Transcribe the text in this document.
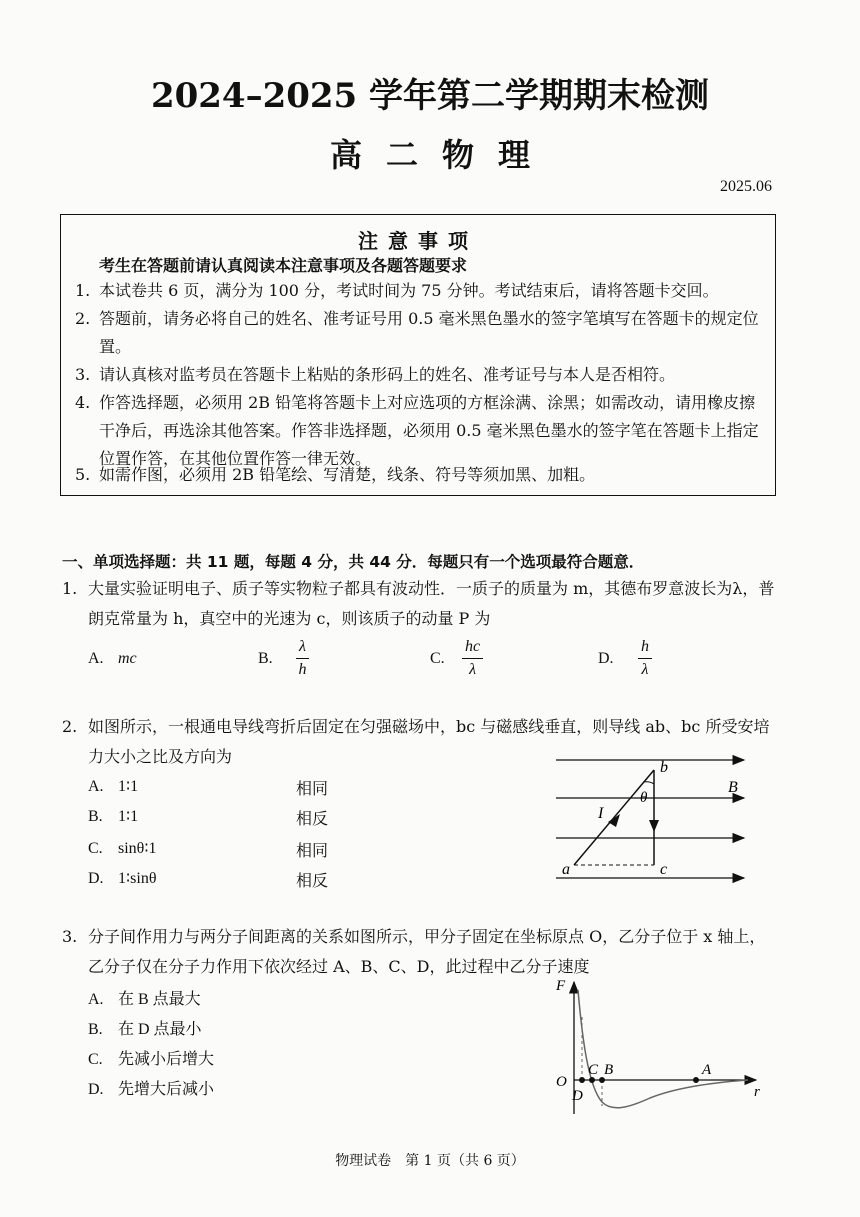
2024–2025 学年第二学期期末检测
高二物理
2025.06
注意事项
考生在答题前请认真阅读本注意事项及各题答题要求
1. 本试卷共 6 页，满分为 100 分，考试时间为 75 分钟。考试结束后，请将答题卡交回。
2. 答题前，请务必将自己的姓名、准考证号用 0.5 毫米黑色墨水的签字笔填写在答题卡的规定位置。
3. 请认真核对监考员在答题卡上粘贴的条形码上的姓名、准考证号与本人是否相符。
4. 作答选择题，必须用 2B 铅笔将答题卡上对应选项的方框涂满、涂黑；如需改动，请用橡皮擦干净后，再选涂其他答案。作答非选择题，必须用 0.5 毫米黑色墨水的签字笔在答题卡上指定位置作答，在其他位置作答一律无效。
5. 如需作图，必须用 2B 铅笔绘、写清楚，线条、符号等须加黑、加粗。
一、单项选择题：共 11 题，每题 4 分，共 44 分．每题只有一个选项最符合题意．
1. 大量实验证明电子、质子等实物粒子都具有波动性．一质子的质量为 m，其德布罗意波长为λ，普朗克常量为 h，真空中的光速为 c，则该质子的动量 P 为
A. mc	B. $\frac{\lambda}{h}$	C. $\frac{hc}{\lambda}$	D. $\frac{h}{\lambda}$
2. 如图所示，一根通电导线弯折后固定在匀强磁场中，bc 与磁感线垂直，则导线 ab、bc 所受安培力大小之比及方向为
A. 1∶1	相同
B. 1∶1	相反
C. sinθ∶1	相同
D. 1∶sinθ	相反
b
B
θ
I
a	c
3. 分子间作用力与两分子间距离的关系如图所示，甲分子固定在坐标原点 O，乙分子位于 x 轴上，乙分子仅在分子力作用下依次经过 A、B、C、D，此过程中乙分子速度
A. 在 B 点最大
B. 在 D 点最小
C. 先减小后增大
D. 先增大后减小
F
O
C B	A
D	r
物理试卷　第 1 页（共 6 页）
